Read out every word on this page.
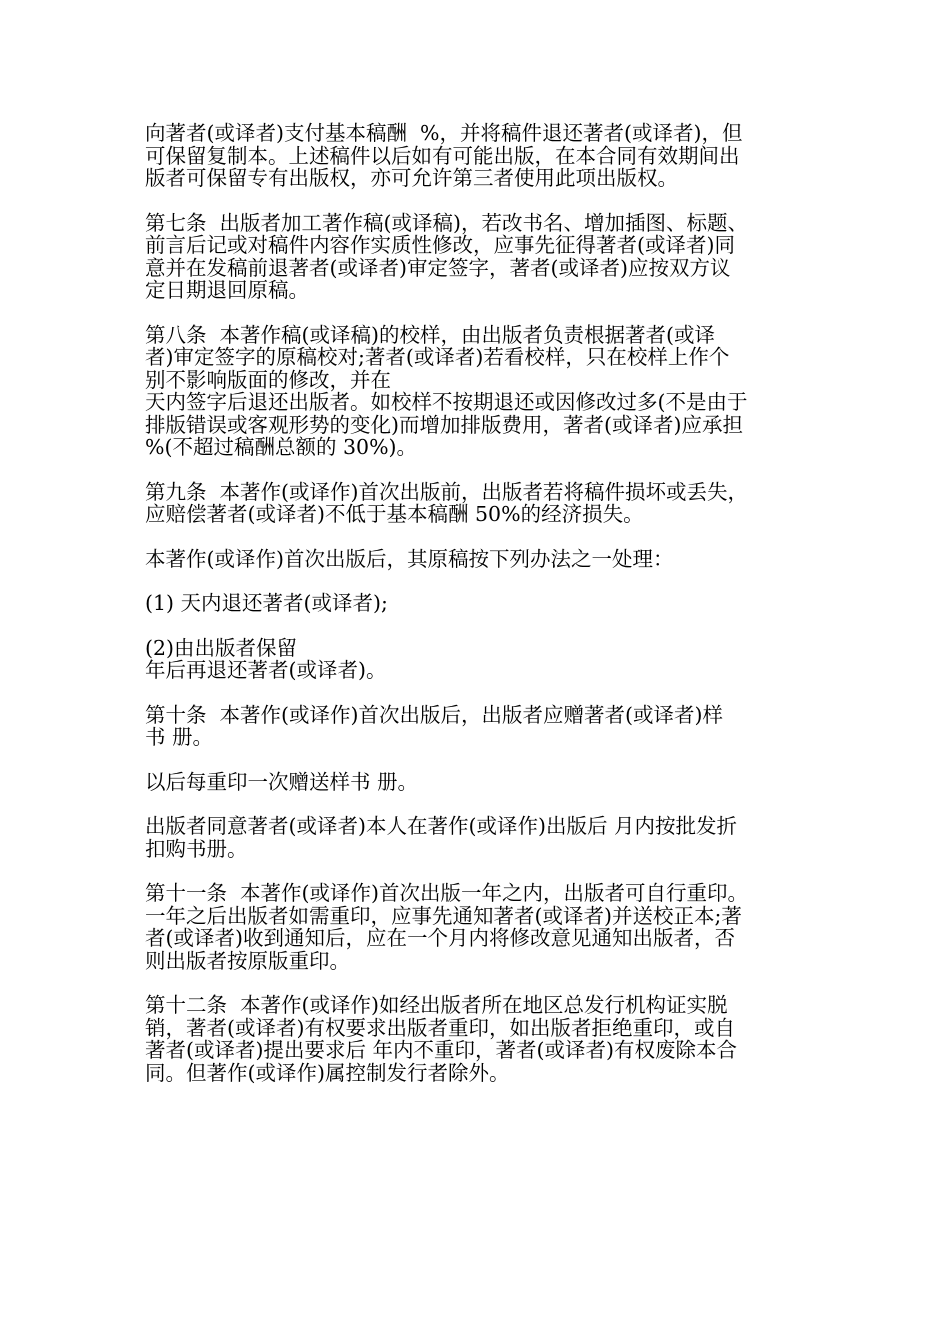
向著者(或译者)支付基本稿酬  %，并将稿件退还著者(或译者)，但
可保留复制本。上述稿件以后如有可能出版，在本合同有效期间出
版者可保留专有出版权，亦可允许第三者使用此项出版权。

第七条  出版者加工著作稿(或译稿)，若改书名、增加插图、标题、
前言后记或对稿件内容作实质性修改，应事先征得著者(或译者)同
意并在发稿前退著者(或译者)审定签字，著者(或译者)应按双方议
定日期退回原稿。

第八条  本著作稿(或译稿)的校样，由出版者负责根据著者(或译
者)审定签字的原稿校对;著者(或译者)若看校样，只在校样上作个
别不影响版面的修改，并在
天内签字后退还出版者。如校样不按期退还或因修改过多(不是由于
排版错误或客观形势的变化)而增加排版费用，著者(或译者)应承担
%(不超过稿酬总额的 30%)。

第九条  本著作(或译作)首次出版前，出版者若将稿件损坏或丢失，
应赔偿著者(或译者)不低于基本稿酬 50%的经济损失。

本著作(或译作)首次出版后，其原稿按下列办法之一处理：

(1) 天内退还著者(或译者);

(2)由出版者保留
年后再退还著者(或译者)。

第十条  本著作(或译作)首次出版后，出版者应赠著者(或译者)样
书 册。

以后每重印一次赠送样书 册。

出版者同意著者(或译者)本人在著作(或译作)出版后 月内按批发折
扣购书册。

第十一条  本著作(或译作)首次出版一年之内，出版者可自行重印。
一年之后出版者如需重印，应事先通知著者(或译者)并送校正本;著
者(或译者)收到通知后，应在一个月内将修改意见通知出版者，否
则出版者按原版重印。

第十二条  本著作(或译作)如经出版者所在地区总发行机构证实脱
销，著者(或译者)有权要求出版者重印，如出版者拒绝重印，或自
著者(或译者)提出要求后 年内不重印，著者(或译者)有权废除本合
同。但著作(或译作)属控制发行者除外。
